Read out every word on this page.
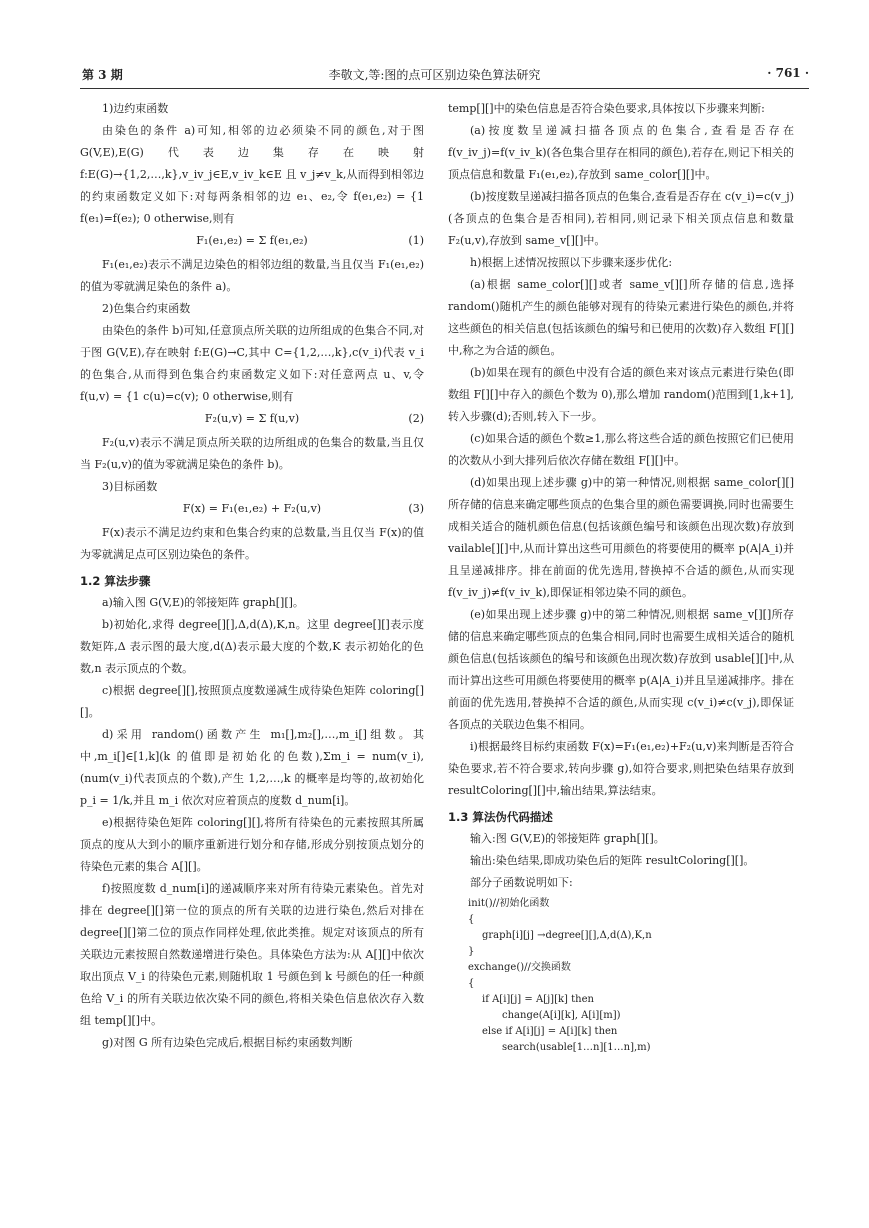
第 3 期	李敬文,等:图的点可区别边染色算法研究	· 761 ·
1)边约束函数
由染色的条件 a)可知,相邻的边必须染不同的颜色,对于图 G(V,E),E(G)代表边集存在映射 f:E(G)→{1,2,…,k},v_iv_j∈E,v_iv_k∈E 且 v_j≠v_k,从而得到相邻边的约束函数定义如下:对每两条相邻的边 e₁、e₂,令 f(e₁,e₂) = {1 f(e₁)=f(e₂); 0 otherwise,则有
F₁(e₁,e₂) = Σ f(e₁,e₂)	(1)
F₁(e₁,e₂)表示不满足边染色的相邻边组的数量,当且仅当 F₁(e₁,e₂)的值为零就满足染色的条件 a)。
2)色集合约束函数
由染色的条件 b)可知,任意顶点所关联的边所组成的色集合不同,对于图 G(V,E),存在映射 f:E(G)→C,其中 C={1,2,…,k},c(v_i)代表 v_i 的色集合,从而得到色集合约束函数定义如下:对任意两点 u、v,令 f(u,v) = {1 c(u)=c(v); 0 otherwise,则有
F₂(u,v) = Σ f(u,v)	(2)
F₂(u,v)表示不满足顶点所关联的边所组成的色集合的数量,当且仅当 F₂(u,v)的值为零就满足染色的条件 b)。
3)目标函数
F(x) = F₁(e₁,e₂) + F₂(u,v)	(3)
F(x)表示不满足边约束和色集合约束的总数量,当且仅当 F(x)的值为零就满足点可区别边染色的条件。
1.2 算法步骤
a)输入图 G(V,E)的邻接矩阵 graph[][]。
b)初始化,求得 degree[][],Δ,d(Δ),K,n。这里 degree[][]表示度数矩阵,Δ 表示图的最大度,d(Δ)表示最大度的个数,K 表示初始化的色数,n 表示顶点的个数。
c)根据 degree[][],按照顶点度数递减生成待染色矩阵 coloring[][]。
d)采用 random()函数产生 m₁[],m₂[],…,m_i[]组数。其中,m_i[]∈[1,k](k 的值即是初始化的色数),Σm_i = num(v_i),(num(v_i)代表顶点的个数),产生 1,2,…,k 的概率是均等的,故初始化 p_i = 1/k,并且 m_i 依次对应着顶点的度数 d_num[i]。
e)根据待染色矩阵 coloring[][],将所有待染色的元素按照其所属顶点的度从大到小的顺序重新进行划分和存储,形成分别按顶点划分的待染色元素的集合 A[][]。
f)按照度数 d_num[i]的递减顺序来对所有待染元素染色。首先对排在 degree[][]第一位的顶点的所有关联的边进行染色,然后对排在 degree[][]第二位的顶点作同样处理,依此类推。规定对该顶点的所有关联边元素按照自然数递增进行染色。具体染色方法为:从 A[][]中依次取出顶点 V_i 的待染色元素,则随机取 1 号颜色到 k 号颜色的任一种颜色给 V_i 的所有关联边依次染不同的颜色,将相关染色信息依次存入数组 temp[][]中。
g)对图 G 所有边染色完成后,根据目标约束函数判断
temp[][]中的染色信息是否符合染色要求,具体按以下步骤来判断:
(a)按度数呈递减扫描各顶点的色集合,查看是否存在 f(v_iv_j)=f(v_iv_k)(各色集合里存在相同的颜色),若存在,则记下相关的顶点信息和数量 F₁(e₁,e₂),存放到 same_color[][]中。
(b)按度数呈递减扫描各顶点的色集合,查看是否存在 c(v_i)=c(v_j)(各顶点的色集合是否相同),若相同,则记录下相关顶点信息和数量 F₂(u,v),存放到 same_v[][]中。
h)根据上述情况按照以下步骤来逐步优化:
(a)根据 same_color[][]或者 same_v[][]所存储的信息,选择 random()随机产生的颜色能够对现有的待染元素进行染色的颜色,并将这些颜色的相关信息(包括该颜色的编号和已使用的次数)存入数组 F[][]中,称之为合适的颜色。
(b)如果在现有的颜色中没有合适的颜色来对该点元素进行染色(即数组 F[][]中存入的颜色个数为 0),那么增加 random()范围到[1,k+1],转入步骤(d);否则,转入下一步。
(c)如果合适的颜色个数≥1,那么将这些合适的颜色按照它们已使用的次数从小到大排列后依次存储在数组 F[][]中。
(d)如果出现上述步骤 g)中的第一种情况,则根据 same_color[][]所存储的信息来确定哪些顶点的色集合里的颜色需要调换,同时也需要生成相关适合的随机颜色信息(包括该颜色编号和该颜色出现次数)存放到 vailable[][]中,从而计算出这些可用颜色的将要使用的概率 p(A|A_i)并且呈递减排序。排在前面的优先选用,替换掉不合适的颜色,从而实现 f(v_iv_j)≠f(v_iv_k),即保证相邻边染不同的颜色。
(e)如果出现上述步骤 g)中的第二种情况,则根据 same_v[][]所存储的信息来确定哪些顶点的色集合相同,同时也需要生成相关适合的随机颜色信息(包括该颜色的编号和该颜色出现次数)存放到 usable[][]中,从而计算出这些可用颜色将要使用的概率 p(A|A_i)并且呈递减排序。排在前面的优先选用,替换掉不合适的颜色,从而实现 c(v_i)≠c(v_j),即保证各顶点的关联边色集不相同。
i)根据最终目标约束函数 F(x)=F₁(e₁,e₂)+F₂(u,v)来判断是否符合染色要求,若不符合要求,转向步骤 g),如符合要求,则把染色结果存放到 resultColoring[][]中,输出结果,算法结束。
1.3 算法伪代码描述
输入:图 G(V,E)的邻接矩阵 graph[][]。
输出:染色结果,即成功染色后的矩阵 resultColoring[][]。
部分子函数说明如下:
init()//初始化函数
{
graph[i][j] →degree[][],Δ,d(Δ),K,n
}
exchange()//交换函数
{
if A[i][j] = A[j][k] then
change(A[i][k], A[i][m])
else if A[i][j] = A[i][k] then
search(usable[1…n][1…n],m)
